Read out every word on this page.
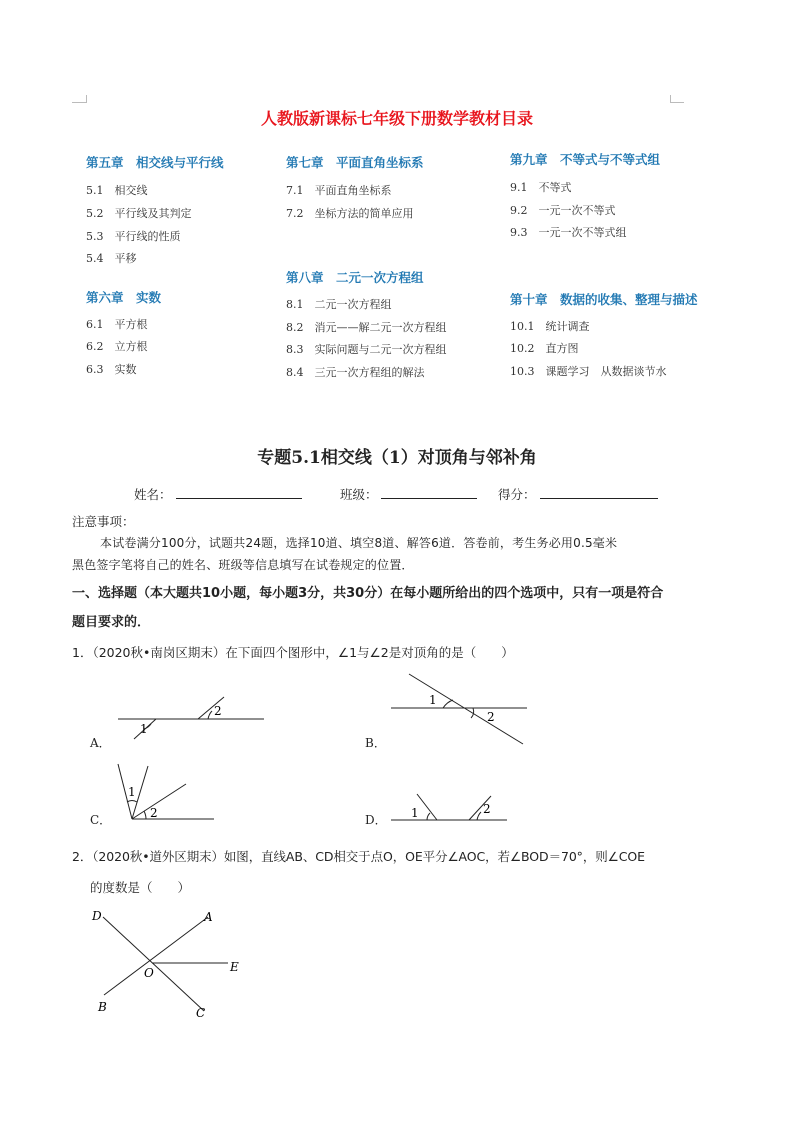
人教版新课标七年级下册数学教材目录
第五章　相交线与平行线
5.1　相交线
5.2　平行线及其判定
5.3　平行线的性质
5.4　平移
第六章　实数
6.1　平方根
6.2　立方根
6.3　实数
第七章　平面直角坐标系
7.1　平面直角坐标系
7.2　坐标方法的简单应用
第八章　二元一次方程组
8.1　二元一次方程组
8.2　消元——解二元一次方程组
8.3　实际问题与二元一次方程组
8.4　三元一次方程组的解法
第九章　不等式与不等式组
9.1　不等式
9.2　一元一次不等式
9.3　一元一次不等式组
第十章　数据的收集、整理与描述
10.1　统计调查
10.2　直方图
10.3　课题学习　从数据谈节水
专题5.1相交线（1）对顶角与邻补角
姓名：	班级：	得分：
注意事项：
本试卷满分100分，试题共24题，选择10道、填空8道、解答6道．答卷前，考生务必用0.5毫米
黑色签字笔将自己的姓名、班级等信息填写在试卷规定的位置．
一、选择题（本大题共10小题，每小题3分，共30分）在每小题所给出的四个选项中，只有一项是符合
题目要求的．
1．（2020秋•南岗区期末）在下面四个图形中，∠1与∠2是对顶角的是（　　）
A．
1
2
B．
1
2
C．
1
2	D． 1	2
2．（2020秋•道外区期末）如图，直线AB、CD相交于点O，OE平分∠AOC，若∠BOD＝70°，则∠COE
的度数是（　　）
D	A
O	E
B	C
